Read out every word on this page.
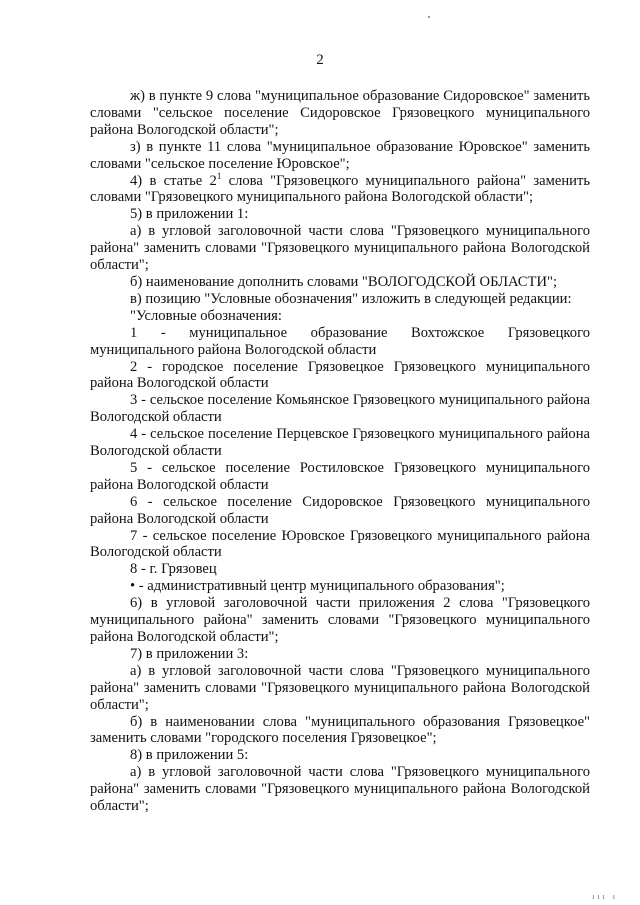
2

ж) в пункте 9 слова "муниципальное образование Сидоровское" заменить словами "сельское поселение Сидоровское Грязовецкого муниципального района Вологодской области";

з) в пункте 11 слова "муниципальное образование Юровское" заменить словами "сельское поселение Юровское";

4) в статье $2^1$ слова "Грязовецкого муниципального района" заменить словами "Грязовецкого муниципального района Вологодской области";

5) в приложении 1:

а) в угловой заголовочной части слова "Грязовецкого муниципального района" заменить словами "Грязовецкого муниципального района Вологодской области";

б) наименование дополнить словами "ВОЛОГОДСКОЙ ОБЛАСТИ";

в) позицию "Условные обозначения" изложить в следующей редакции:

"Условные обозначения:

1 - муниципальное образование Вохтожское Грязовецкого муниципального района Вологодской области

2 - городское поселение Грязовецкое Грязовецкого муниципального района Вологодской области

3 - сельское поселение Комьянское Грязовецкого муниципального района Вологодской области

4 - сельское поселение Перцевское Грязовецкого муниципального района Вологодской области

5 - сельское поселение Ростиловское Грязовецкого муниципального района Вологодской области

6 - сельское поселение Сидоровское Грязовецкого муниципального района Вологодской области

7 - сельское поселение Юровское Грязовецкого муниципального района Вологодской области

8 - г. Грязовец

• - административный центр муниципального образования";

6) в угловой заголовочной части приложения 2 слова "Грязовецкого муниципального района" заменить словами "Грязовецкого муниципального района Вологодской области";

7) в приложении 3:

а) в угловой заголовочной части слова "Грязовецкого муниципального района" заменить словами "Грязовецкого муниципального района Вологодской области";

б) в наименовании слова "муниципального образования Грязовецкое" заменить словами "городского поселения Грязовецкое";

8) в приложении 5:

а) в угловой заголовочной части слова "Грязовецкого муниципального района" заменить словами "Грязовецкого муниципального района Вологодской области";

ııı ı
